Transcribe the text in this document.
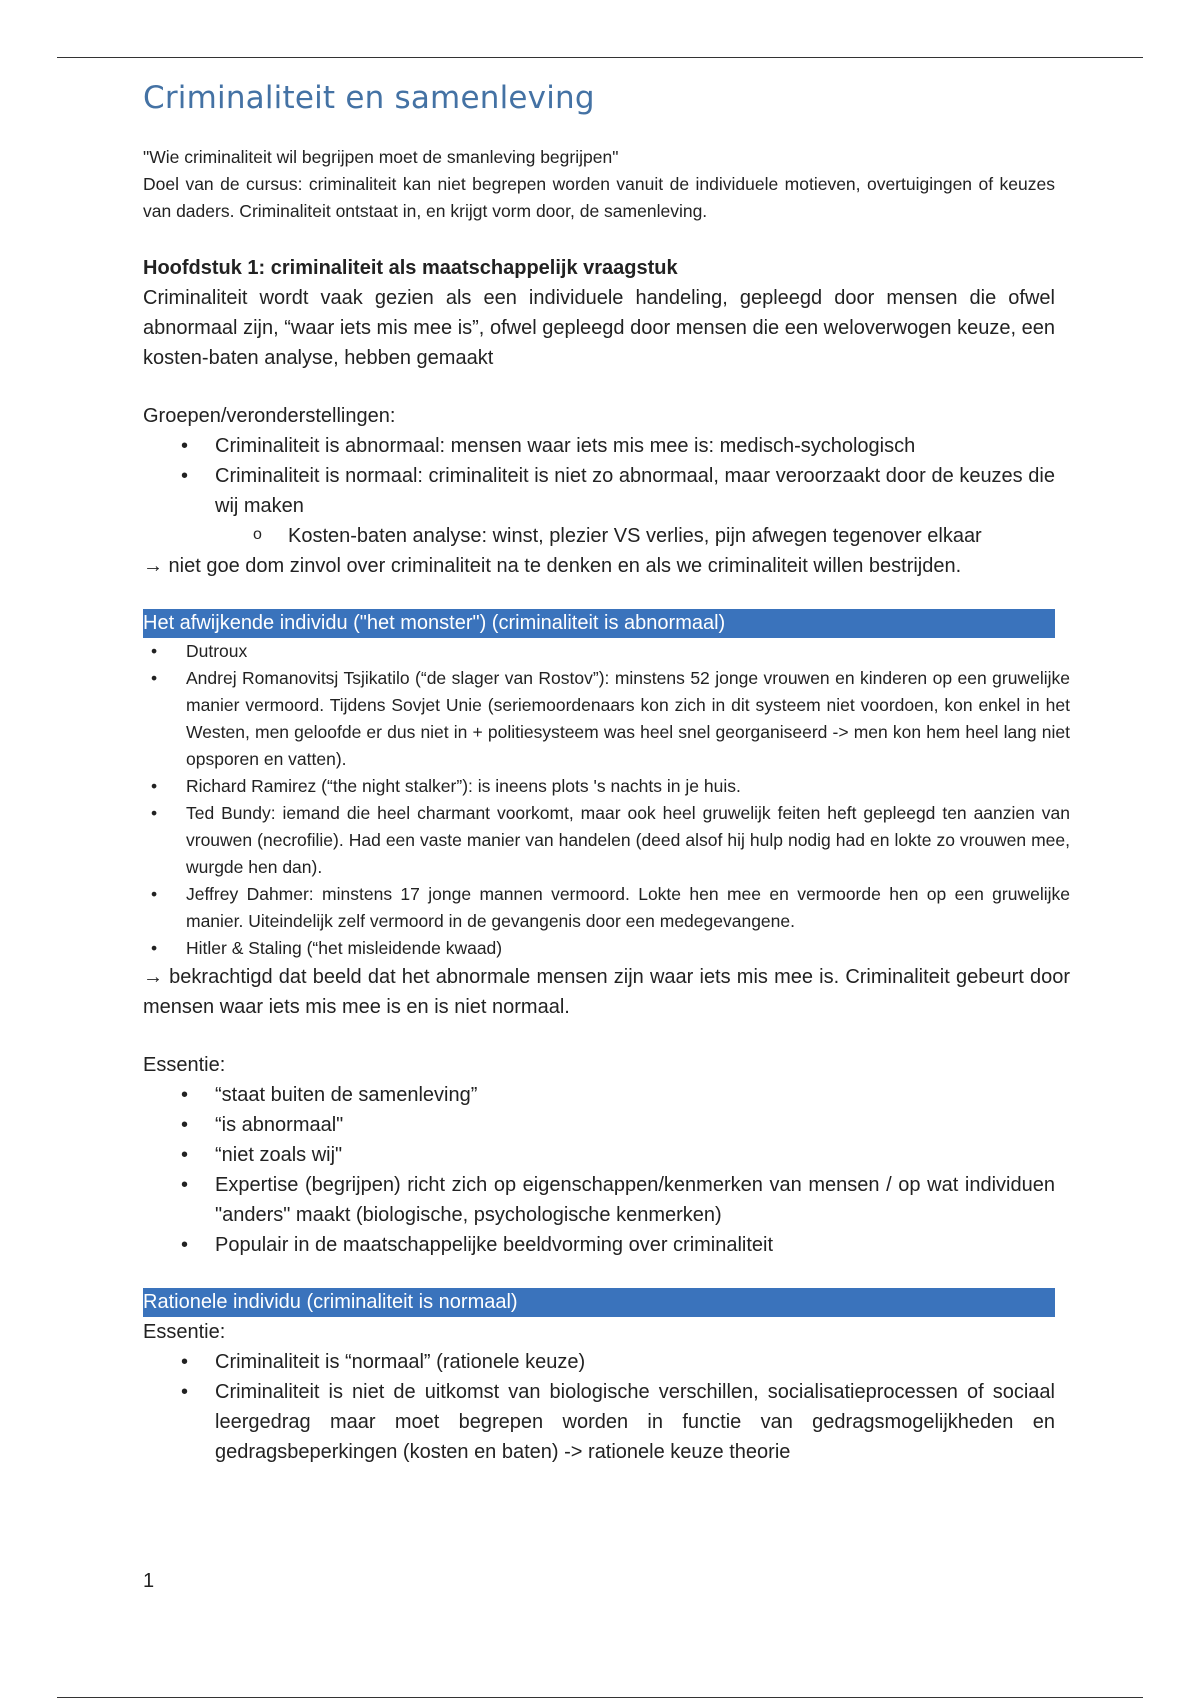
Criminaliteit en samenleving

"Wie criminaliteit wil begrijpen moet de smanleving begrijpen"

Doel van de cursus: criminaliteit kan niet begrepen worden vanuit de individuele motieven, overtuigingen of keuzes van daders. Criminaliteit ontstaat in, en krijgt vorm door, de samenleving.

Hoofdstuk 1: criminaliteit als maatschappelijk vraagstuk

Criminaliteit wordt vaak gezien als een individuele handeling, gepleegd door mensen die ofwel abnormaal zijn, “waar iets mis mee is”, ofwel gepleegd door mensen die een weloverwogen keuze, een kosten-baten analyse, hebben gemaakt

Groepen/veronderstellingen:

• Criminaliteit is abnormaal: mensen waar iets mis mee is: medisch-sychologisch
• Criminaliteit is normaal: criminaliteit is niet zo abnormaal, maar veroorzaakt door de keuzes die wij maken
o Kosten-baten analyse: winst, plezier VS verlies, pijn afwegen tegenover elkaar

→ niet goe dom zinvol over criminaliteit na te denken en als we criminaliteit willen bestrijden.

Het afwijkende individu ("het monster") (criminaliteit is abnormaal)
• Dutroux
• Andrej Romanovitsj Tsjikatilo (“de slager van Rostov”): minstens 52 jonge vrouwen en kinderen op een gruwelijke manier vermoord. Tijdens Sovjet Unie (seriemoordenaars kon zich in dit systeem niet voordoen, kon enkel in het Westen, men geloofde er dus niet in + politiesysteem was heel snel georganiseerd -> men kon hem heel lang niet opsporen en vatten).
• Richard Ramirez (“the night stalker”): is ineens plots 's nachts in je huis.
• Ted Bundy: iemand die heel charmant voorkomt, maar ook heel gruwelijk feiten heft gepleegd ten aanzien van vrouwen (necrofilie). Had een vaste manier van handelen (deed alsof hij hulp nodig had en lokte zo vrouwen mee, wurgde hen dan).
• Jeffrey Dahmer: minstens 17 jonge mannen vermoord. Lokte hen mee en vermoorde hen op een gruwelijke manier. Uiteindelijk zelf vermoord in de gevangenis door een medegevangene.
• Hitler & Staling (“het misleidende kwaad)

→ bekrachtigd dat beeld dat het abnormale mensen zijn waar iets mis mee is. Criminaliteit gebeurt door mensen waar iets mis mee is en is niet normaal.

Essentie:

• “staat buiten de samenleving”
• “is abnormaal"
• “niet zoals wij"
• Expertise (begrijpen) richt zich op eigenschappen/kenmerken van mensen / op wat individuen "anders" maakt (biologische, psychologische kenmerken)
• Populair in de maatschappelijke beeldvorming over criminaliteit
Rationele individu (criminaliteit is normaal)

Essentie:

• Criminaliteit is “normaal” (rationele keuze)
• Criminaliteit is niet de uitkomst van biologische verschillen, socialisatieprocessen of sociaal leergedrag maar moet begrepen worden in functie van gedragsmogelijkheden en gedragsbeperkingen (kosten en baten) -> rationele keuze theorie
1
